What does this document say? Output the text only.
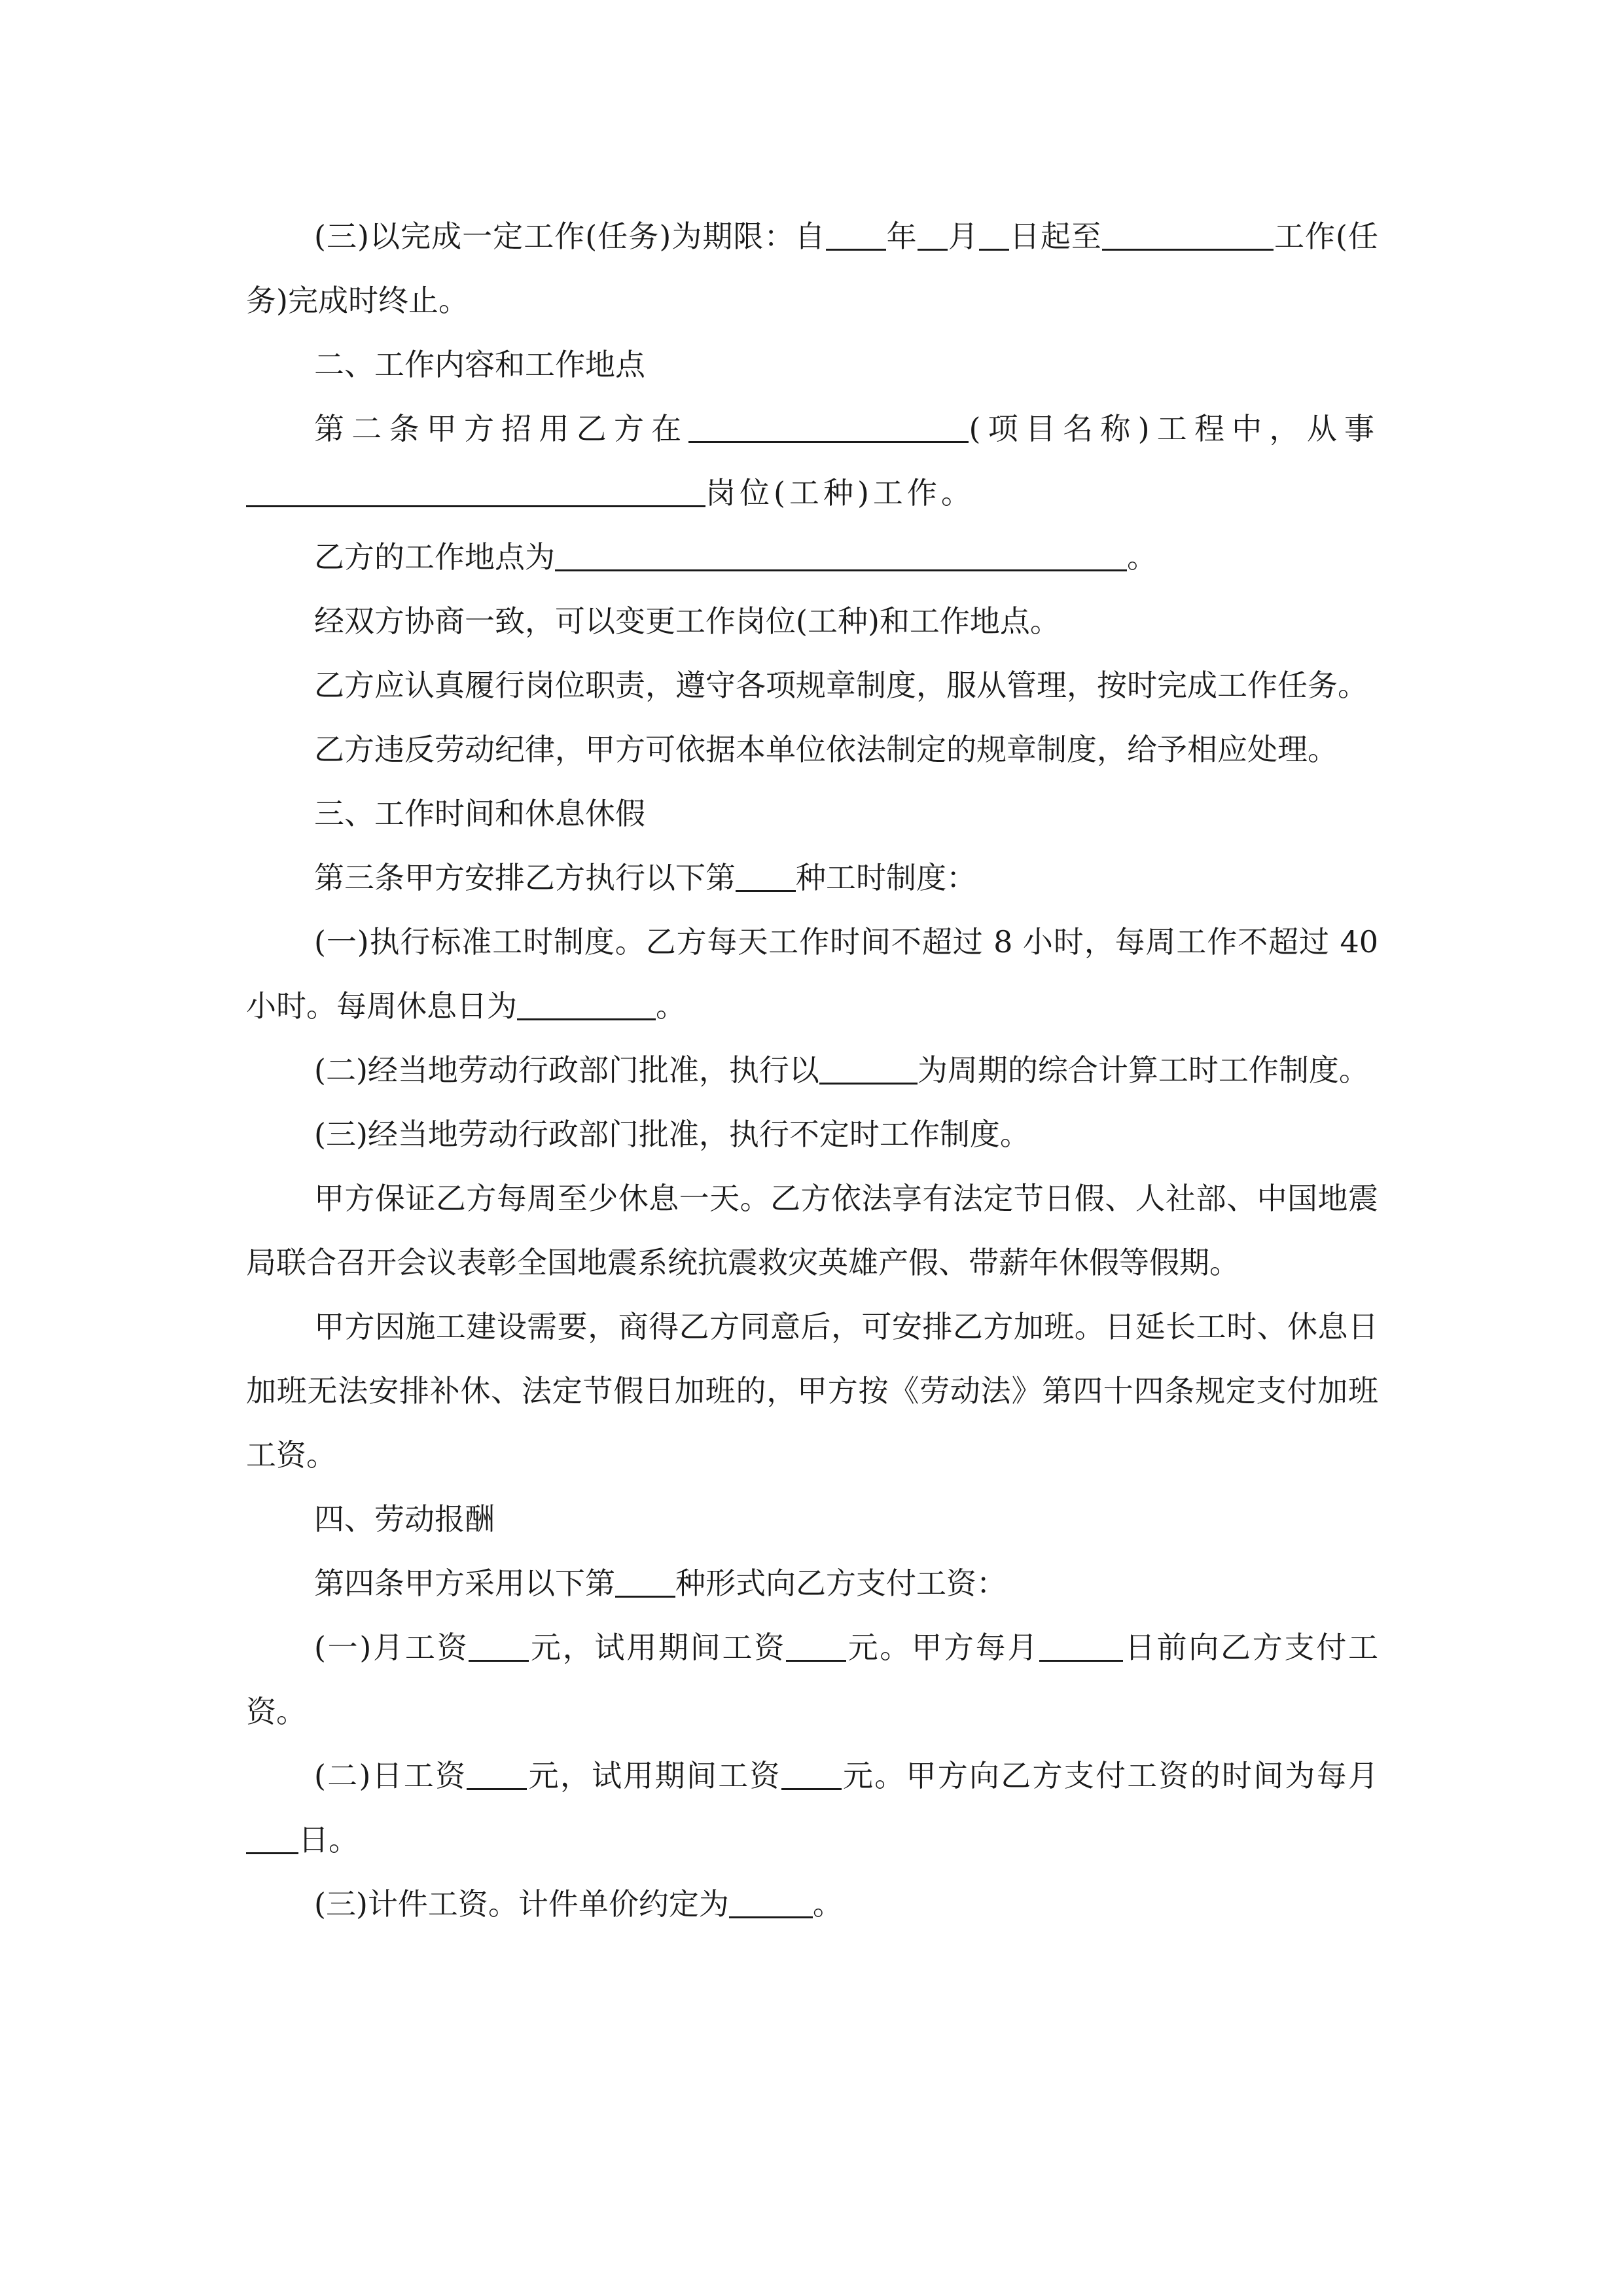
(三)以完成一定工作(任务)为期限：自 年 月 日起至	工作(任务)完成时终止。

二、工作内容和工作地点

第二条甲方招用乙方在	(项目名称)工程中，从事岗位(工种)工作。

乙方的工作地点为	。

经双方协商一致，可以变更工作岗位(工种)和工作地点。

乙方应认真履行岗位职责，遵守各项规章制度，服从管理，按时完成工作任务。

乙方违反劳动纪律，甲方可依据本单位依法制定的规章制度，给予相应处理。

三、工作时间和休息休假

第三条甲方安排乙方执行以下第 种工时制度：

(一)执行标准工时制度。乙方每天工作时间不超过 8 小时，每周工作不超过 40 小时。每周休息日为	。

(二)经当地劳动行政部门批准，执行以	为周期的综合计算工时工作制度。

(三)经当地劳动行政部门批准，执行不定时工作制度。

甲方保证乙方每周至少休息一天。乙方依法享有法定节日假、人社部、中国地震局联合召开会议表彰全国地震系统抗震救灾英雄产假、带薪年休假等假期。

甲方因施工建设需要，商得乙方同意后，可安排乙方加班。日延长工时、休息日加班无法安排补休、法定节假日加班的，甲方按《劳动法》第四十四条规定支付加班工资。

四、劳动报酬

第四条甲方采用以下第 种形式向乙方支付工资：

(一)月工资 元，试用期间工资 元。甲方每月	日前向乙方支付工资。

(二)日工资 元，试用期间工资 元。甲方向乙方支付工资的时间为每月日。

(三)计件工资。计件单价约定为	。
